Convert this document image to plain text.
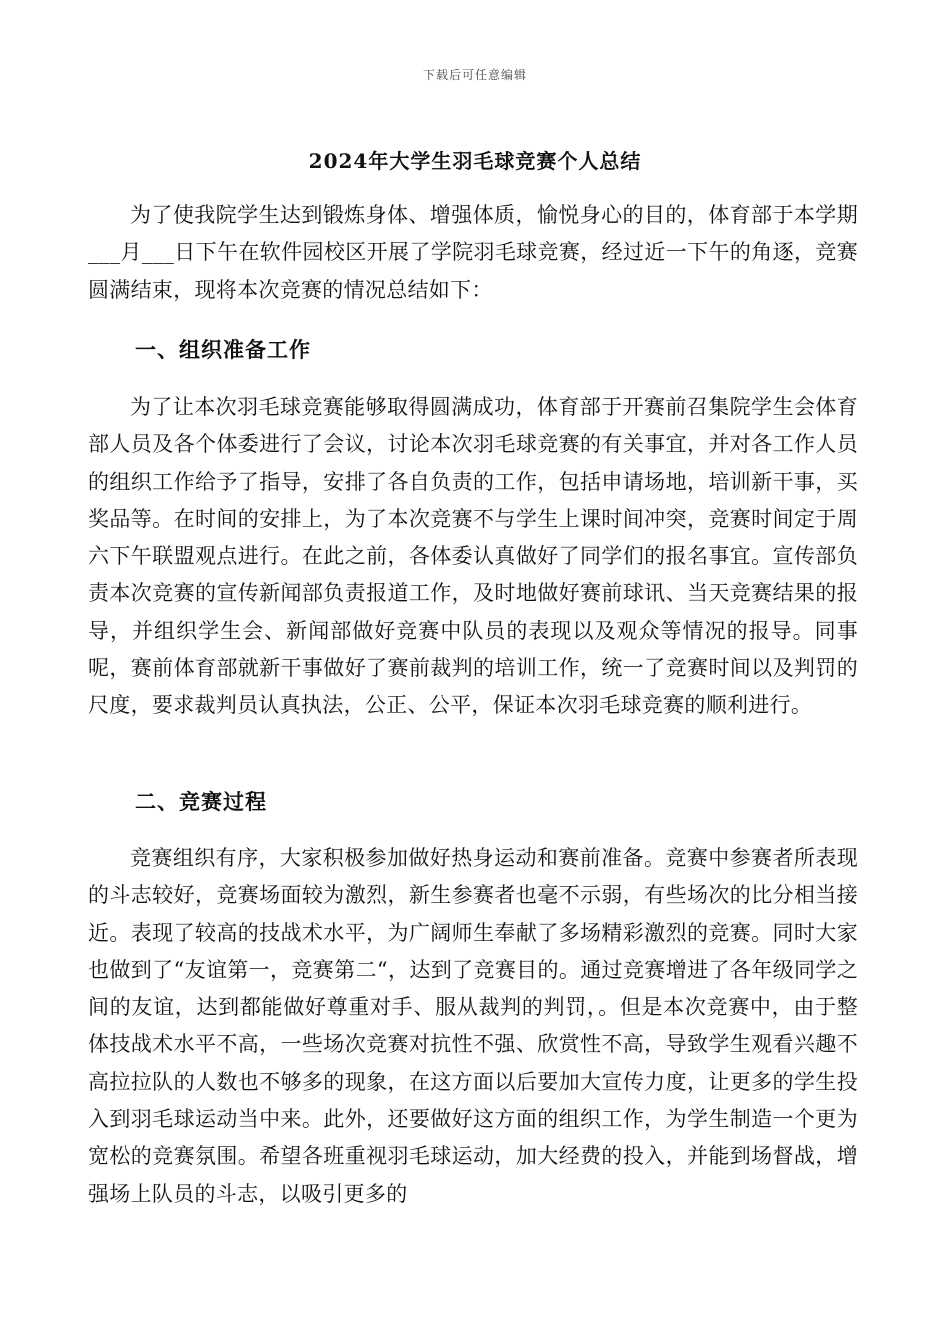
下载后可任意编辑
2024年大学生羽毛球竞赛个人总结
为了使我院学生达到锻炼身体、增强体质，愉悦身心的目的，体育部于本学期___月___日下午在软件园校区开展了学院羽毛球竞赛，经过近一下午的角逐，竞赛圆满结束，现将本次竞赛的情况总结如下：
一、组织准备工作
为了让本次羽毛球竞赛能够取得圆满成功，体育部于开赛前召集院学生会体育部人员及各个体委进行了会议，讨论本次羽毛球竞赛的有关事宜，并对各工作人员的组织工作给予了指导，安排了各自负责的工作，包括申请场地，培训新干事，买奖品等。在时间的安排上，为了本次竞赛不与学生上课时间冲突，竞赛时间定于周六下午联盟观点进行。在此之前，各体委认真做好了同学们的报名事宜。宣传部负责本次竞赛的宣传新闻部负责报道工作，及时地做好赛前球讯、当天竞赛结果的报导，并组织学生会、新闻部做好竞赛中队员的表现以及观众等情况的报导。同事呢，赛前体育部就新干事做好了赛前裁判的培训工作，统一了竞赛时间以及判罚的尺度，要求裁判员认真执法，公正、公平，保证本次羽毛球竞赛的顺利进行。
二、竞赛过程
竞赛组织有序，大家积极参加做好热身运动和赛前准备。竞赛中参赛者所表现的斗志较好，竞赛场面较为激烈，新生参赛者也毫不示弱，有些场次的比分相当接近。表现了较高的技战术水平，为广阔师生奉献了多场精彩激烈的竞赛。同时大家也做到了“友谊第一，竞赛第二“，达到了竞赛目的。通过竞赛增进了各年级同学之间的友谊，达到都能做好尊重对手、服从裁判的判罚，。但是本次竞赛中，由于整体技战术水平不高，一些场次竞赛对抗性不强、欣赏性不高，导致学生观看兴趣不高拉拉队的人数也不够多的现象，在这方面以后要加大宣传力度，让更多的学生投入到羽毛球运动当中来。此外，还要做好这方面的组织工作，为学生制造一个更为宽松的竞赛氛围。希望各班重视羽毛球运动，加大经费的投入，并能到场督战，增强场上队员的斗志，以吸引更多的
